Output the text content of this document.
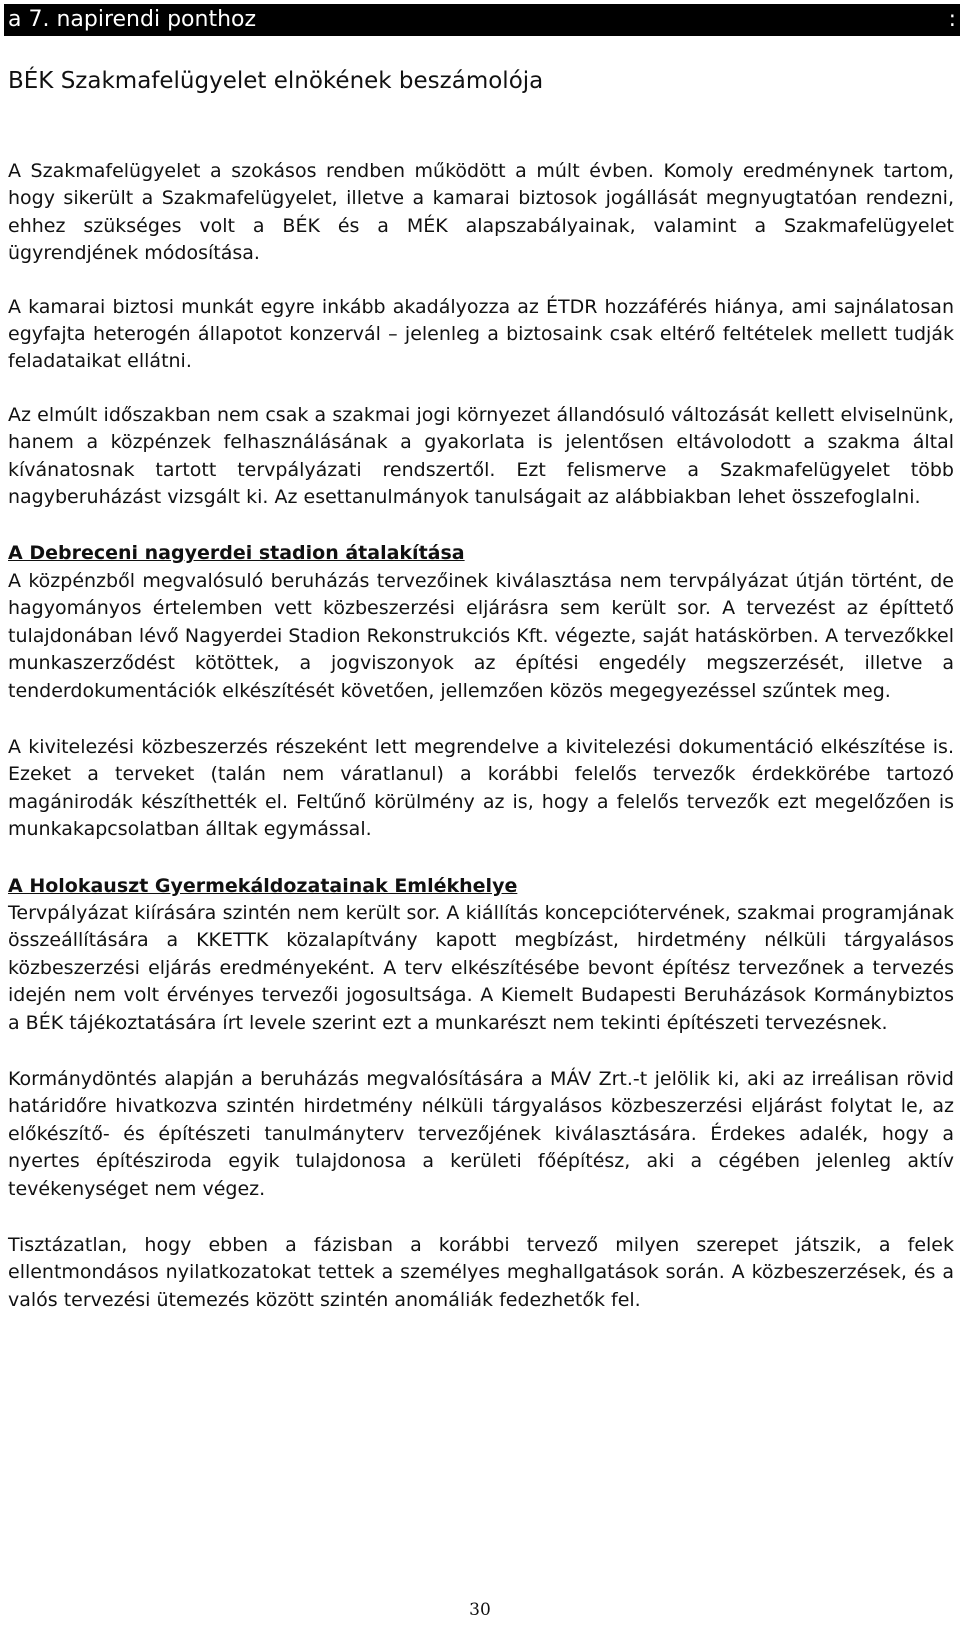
a 7. napirendi ponthoz	:
BÉK Szakmafelügyelet elnökének beszámolója

A Szakmafelügyelet a szokásos rendben működött a múlt évben. Komoly eredménynek tartom, hogy sikerült a Szakmafelügyelet, illetve a kamarai biztosok jogállását megnyugtatóan rendezni, ehhez szükséges volt a BÉK és a MÉK alapszabályainak, valamint a Szakmafelügyelet ügyrendjének módosítása.

A kamarai biztosi munkát egyre inkább akadályozza az ÉTDR hozzáférés hiánya, ami sajnálatosan egyfajta heterogén állapotot konzervál – jelenleg a biztosaink csak eltérő feltételek mellett tudják feladataikat ellátni.

Az elmúlt időszakban nem csak a szakmai jogi környezet állandósuló változását kellett elviselnünk, hanem a közpénzek felhasználásának a gyakorlata is jelentősen eltávolodott a szakma által kívánatosnak tartott tervpályázati rendszertől. Ezt felismerve a Szakmafelügyelet több nagyberuházást vizsgált ki. Az esettanulmányok tanulságait az alábbiakban lehet összefoglalni.

A Debreceni nagyerdei stadion átalakítása

A közpénzből megvalósuló beruházás tervezőinek kiválasztása nem tervpályázat útján történt, de hagyományos értelemben vett közbeszerzési eljárásra sem került sor. A tervezést az építtető tulajdonában lévő Nagyerdei Stadion Rekonstrukciós Kft. végezte, saját hatáskörben. A tervezőkkel munkaszerződést kötöttek, a jogviszonyok az építési engedély megszerzését, illetve a tenderdokumentációk elkészítését követően, jellemzően közös megegyezéssel szűntek meg.

A kivitelezési közbeszerzés részeként lett megrendelve a kivitelezési dokumentáció elkészítése is. Ezeket a terveket (talán nem váratlanul) a korábbi felelős tervezők érdekkörébe tartozó magánirodák készíthették el. Feltűnő körülmény az is, hogy a felelős tervezők ezt megelőzően is munkakapcsolatban álltak egymással.

A Holokauszt Gyermekáldozatainak Emlékhelye

Tervpályázat kiírására szintén nem került sor. A kiállítás koncepciótervének, szakmai programjának összeállítására a KKETTK közalapítvány kapott megbízást, hirdetmény nélküli tárgyalásos közbeszerzési eljárás eredményeként. A terv elkészítésébe bevont építész tervezőnek a tervezés idején nem volt érvényes tervezői jogosultsága. A Kiemelt Budapesti Beruházások Kormánybiztos a BÉK tájékoztatására írt levele szerint ezt a munkarészt nem tekinti építészeti tervezésnek.

Kormánydöntés alapján a beruházás megvalósítására a MÁV Zrt.-t jelölik ki, aki az irreálisan rövid határidőre hivatkozva szintén hirdetmény nélküli tárgyalásos közbeszerzési eljárást folytat le, az előkészítő- és építészeti tanulmányterv tervezőjének kiválasztására. Érdekes adalék, hogy a nyertes építésziroda egyik tulajdonosa a kerületi főépítész, aki a cégében jelenleg aktív tevékenységet nem végez.

Tisztázatlan, hogy ebben a fázisban a korábbi tervező milyen szerepet játszik, a felek ellentmondásos nyilatkozatokat tettek a személyes meghallgatások során. A közbeszerzések, és a valós tervezési ütemezés között szintén anomáliák fedezhetők fel.

30
